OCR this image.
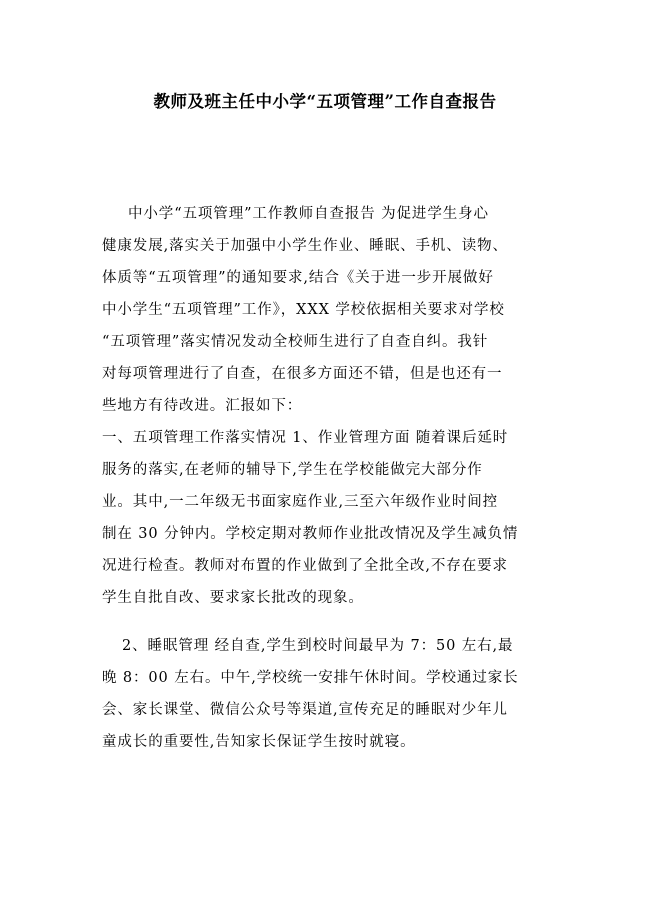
教师及班主任中小学“五项管理”工作自查报告
中小学“五项管理”工作教师自查报告 为促进学生身心
健康发展,落实关于加强中小学生作业、睡眠、手机、读物、
体质等“五项管理”的通知要求,结合《关于进一步开展做好
中小学生“五项管理”工作》，XXX 学校依据相关要求对学校
“五项管理”落实情况发动全校师生进行了自查自纠。我针
对每项管理进行了自查，在很多方面还不错，但是也还有一
些地方有待改进。汇报如下：
一、五项管理工作落实情况 1、作业管理方面 随着课后延时
服务的落实,在老师的辅导下,学生在学校能做完大部分作
业。其中,一二年级无书面家庭作业,三至六年级作业时间控
制在 30 分钟内。学校定期对教师作业批改情况及学生减负情
况进行检查。教师对布置的作业做到了全批全改,不存在要求
学生自批自改、要求家长批改的现象。
2、睡眠管理 经自查,学生到校时间最早为 7：50 左右,最
晚 8：00 左右。中午,学校统一安排午休时间。学校通过家长
会、家长课堂、微信公众号等渠道,宣传充足的睡眠对少年儿
童成长的重要性,告知家长保证学生按时就寝。
